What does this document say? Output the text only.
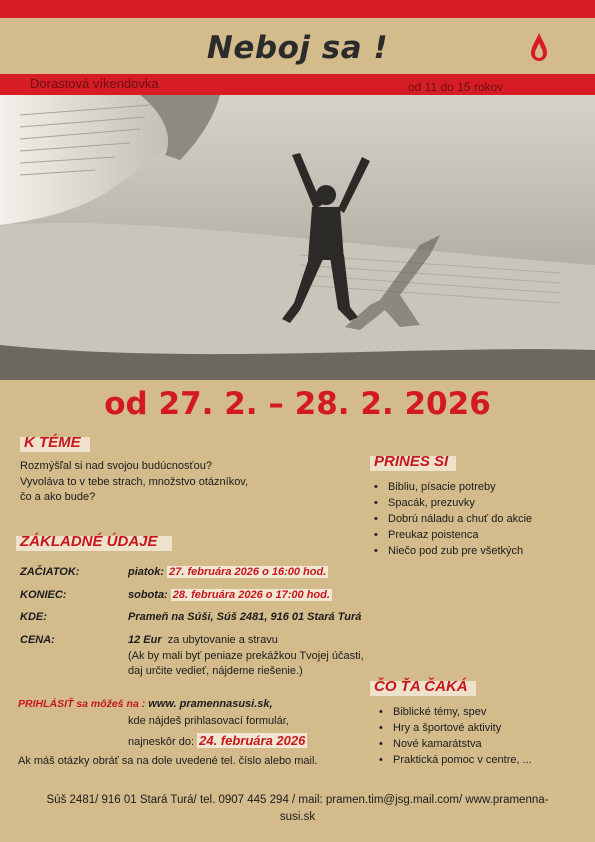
Neboj sa !
Dorastová víkendovka	od 11 do 15 rokov
od 27. 2. – 28. 2. 2026
K TÉME
Rozmýšľal si nad svojou budúcnosťou?
Vyvoláva to v tebe strach, množstvo otázníkov,
čo a ako bude?
PRINES SI
• Bibliu, písacie potreby
• Spacák, prezuvky
• Dobrú náladu a chuť do akcie
• Preukaz poistenca
• Niečo pod zub pre všetkých
ZÁKLADNÉ ÚDAJE
ZAČIATOK:	piatok: 27. februára 2026 o 16:00 hod.
KONIEC:	sobota: 28. februára 2026 o 17:00 hod.
KDE:	Prameň na Súši, Súš 2481, 916 01 Stará Turá
CENA:	12 Eur za ubytovanie a stravu
(Ak by mali byť peniaze prekážkou Tvojej účasti,
daj určite vedieť, nájdeme riešenie.)
PRIHLÁSIŤ sa môžeš na : www. pramennasusi.sk,
kde nájdeš prihlasovací formulár,
najneskôr do: 24. februára 2026
Ak máš otázky obráť sa na dole uvedené tel. číslo alebo mail.
ČO ŤA ČAKÁ
• Biblické témy, spev
• Hry a športové aktivity
• Nové kamarátstva
• Praktická pomoc v centre, ...
Súš 2481/ 916 01 Stará Turá/ tel. 0907 445 294 / mail: pramen.tim@jsg.mail.com/ www.pramenna-
susi.sk
